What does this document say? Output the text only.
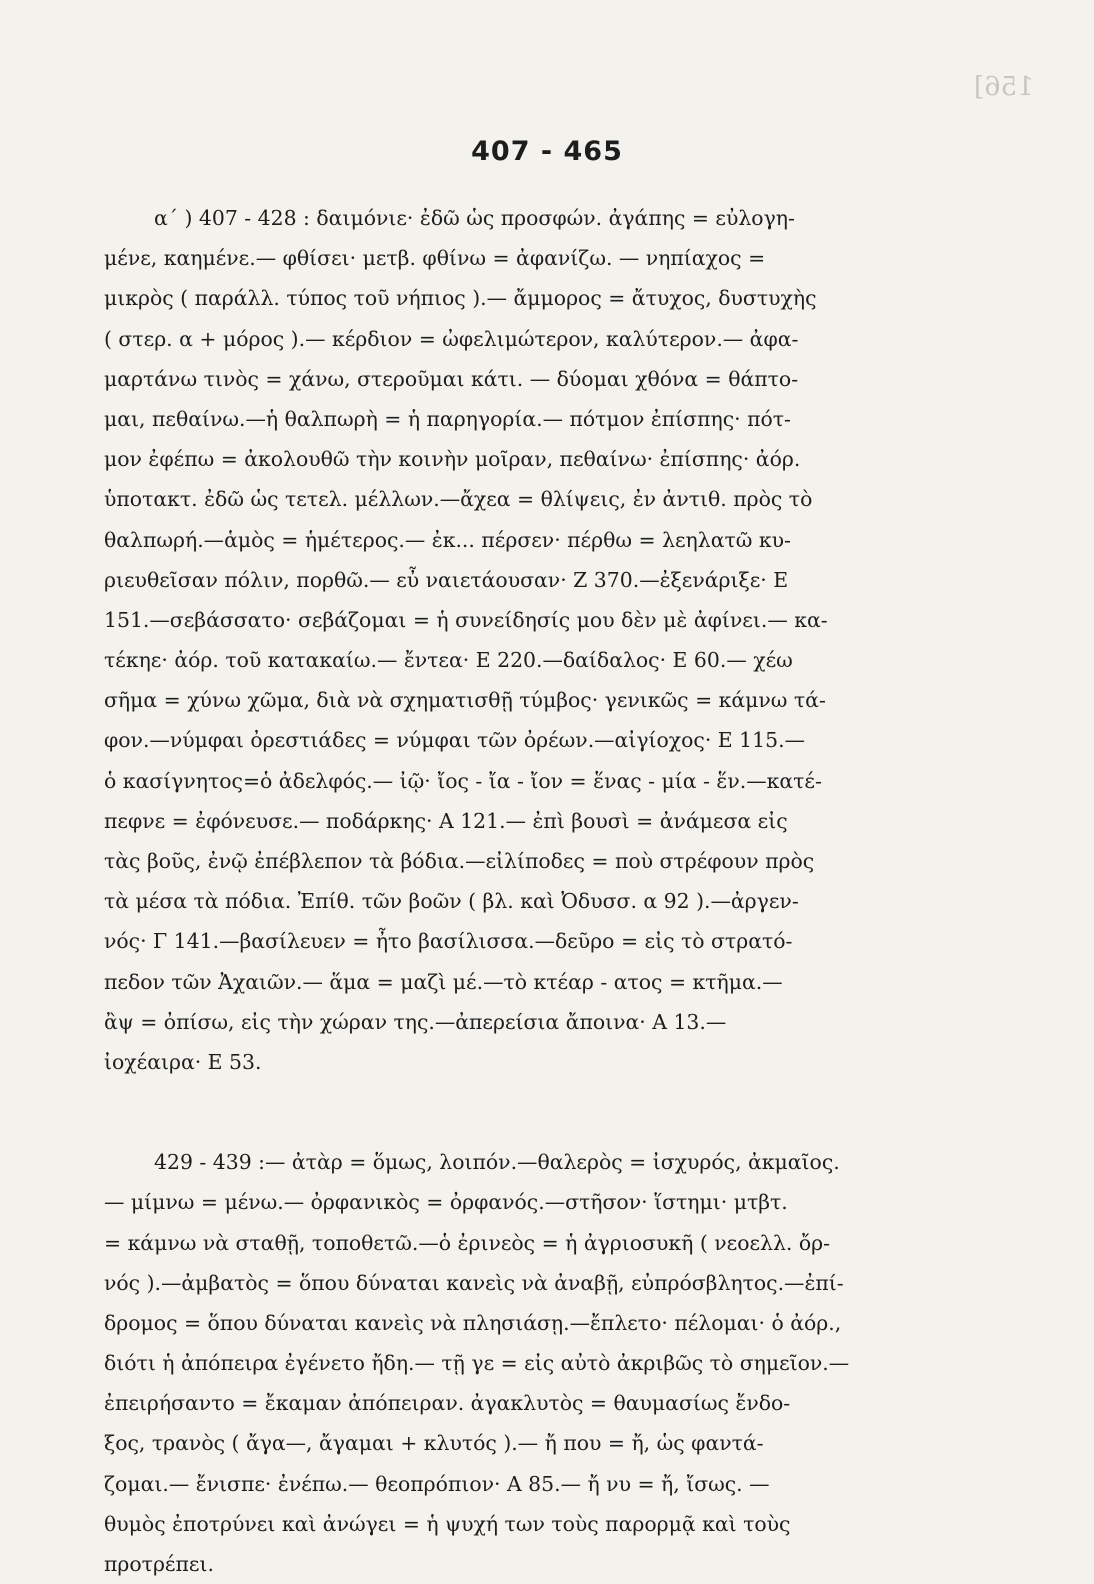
156]
407 - 465
α΄ ) 407 - 428 : δαιμόνιε· ἐδῶ ὡς προσφών. ἀγάπης = εὐλογη-
μένε, καημένε.— φθίσει· μετβ. φθίνω = ἀφανίζω. — νηπίαχος =
μικρὸς ( παράλλ. τύπος τοῦ νήπιος ).— ἄμμορος = ἄτυχος, δυστυχὴς
( στερ. α + μόρος ).— κέρδιον = ὠφελιμώτερον, καλύτερον.— ἀφα-
μαρτάνω τινὸς = χάνω, στεροῦμαι κάτι. — δύομαι χθόνα = θάπτο-
μαι, πεθαίνω.—ἡ θαλπωρὴ = ἡ παρηγορία.— πότμον ἐπίσπης· πότ-
μον ἐφέπω = ἀκολουθῶ τὴν κοινὴν μοῖραν, πεθαίνω· ἐπίσπης· ἀόρ.
ὑποτακτ. ἐδῶ ὡς τετελ. μέλλων.—ἄχεα = θλίψεις, ἐν ἀντιθ. πρὸς τὸ
θαλπωρή.—ἁμὸς = ἡμέτερος.— ἐκ... πέρσεν· πέρθω = λεηλατῶ κυ-
ριευθεῖσαν πόλιν, πορθῶ.— εὖ ναιετάουσαν· Ζ 370.—ἐξενάριξε· Ε
151.—σεβάσσατο· σεβάζομαι = ἡ συνείδησίς μου δὲν μὲ ἀφίνει.— κα-
τέκηε· ἀόρ. τοῦ κατακαίω.— ἔντεα· Ε 220.—δαίδαλος· Ε 60.— χέω
σῆμα = χύνω χῶμα, διὰ νὰ σχηματισθῇ τύμβος· γενικῶς = κάμνω τά-
φον.—νύμφαι ὀρεστιάδες = νύμφαι τῶν ὀρέων.—αἰγίοχος· Ε 115.—
ὁ κασίγνητος=ὁ ἀδελφός.— ἰῷ· ἴος - ἴα - ἴον = ἕνας - μία - ἕν.—κατέ-
πεφνε = ἐφόνευσε.— ποδάρκης· Α 121.— ἐπὶ βουσὶ = ἀνάμεσα εἰς
τὰς βοῦς, ἐνῷ ἐπέβλεπον τὰ βόδια.—εἰλίποδες = ποὺ στρέφουν πρὸς
τὰ μέσα τὰ πόδια. Ἐπίθ. τῶν βοῶν ( βλ. καὶ Ὀδυσσ. α 92 ).—ἀργεν-
νός· Γ 141.—βασίλευεν = ἦτο βασίλισσα.—δεῦρο = εἰς τὸ στρατό-
πεδον τῶν Ἀχαιῶν.— ἅμα = μαζὶ μέ.—τὸ κτέαρ - ατος = κτῆμα.—
ἂψ = ὀπίσω, εἰς τὴν χώραν της.—ἀπερείσια ἄποινα· Α 13.—
ἰοχέαιρα· Ε 53.
429 - 439 :— ἀτὰρ = ὅμως, λοιπόν.—θαλερὸς = ἰσχυρός, ἀκμαῖος.
— μίμνω = μένω.— ὀρφανικὸς = ὀρφανός.—στῆσον· ἵστημι· μτβτ.
= κάμνω νὰ σταθῇ, τοποθετῶ.—ὁ ἐρινεὸς = ἡ ἀγριοσυκῆ ( νεοελλ. ὄρ-
νός ).—ἀμβατὸς = ὅπου δύναται κανεὶς νὰ ἀναβῇ, εὐπρόσβλητος.—ἐπί-
δρομος = ὅπου δύναται κανεὶς νὰ πλησιάσῃ.—ἔπλετο· πέλομαι· ὁ ἀόρ.,
διότι ἡ ἀπόπειρα ἐγένετο ἤδη.— τῇ γε = εἰς αὐτὸ ἀκριβῶς τὸ σημεῖον.—
ἐπειρήσαντο = ἔκαμαν ἀπόπειραν. ἀγακλυτὸς = θαυμασίως ἔνδο-
ξος, τρανὸς ( ἄγα—, ἄγαμαι + κλυτός ).— ἤ που = ἤ, ὡς φαντά-
ζομαι.— ἔνισπε· ἐνέπω.— θεοπρόπιον· Α 85.— ἤ νυ = ἤ, ἴσως. —
θυμὸς ἐποτρύνει καὶ ἀνώγει = ἡ ψυχή των τοὺς παρορμᾷ καὶ τοὺς
προτρέπει.
